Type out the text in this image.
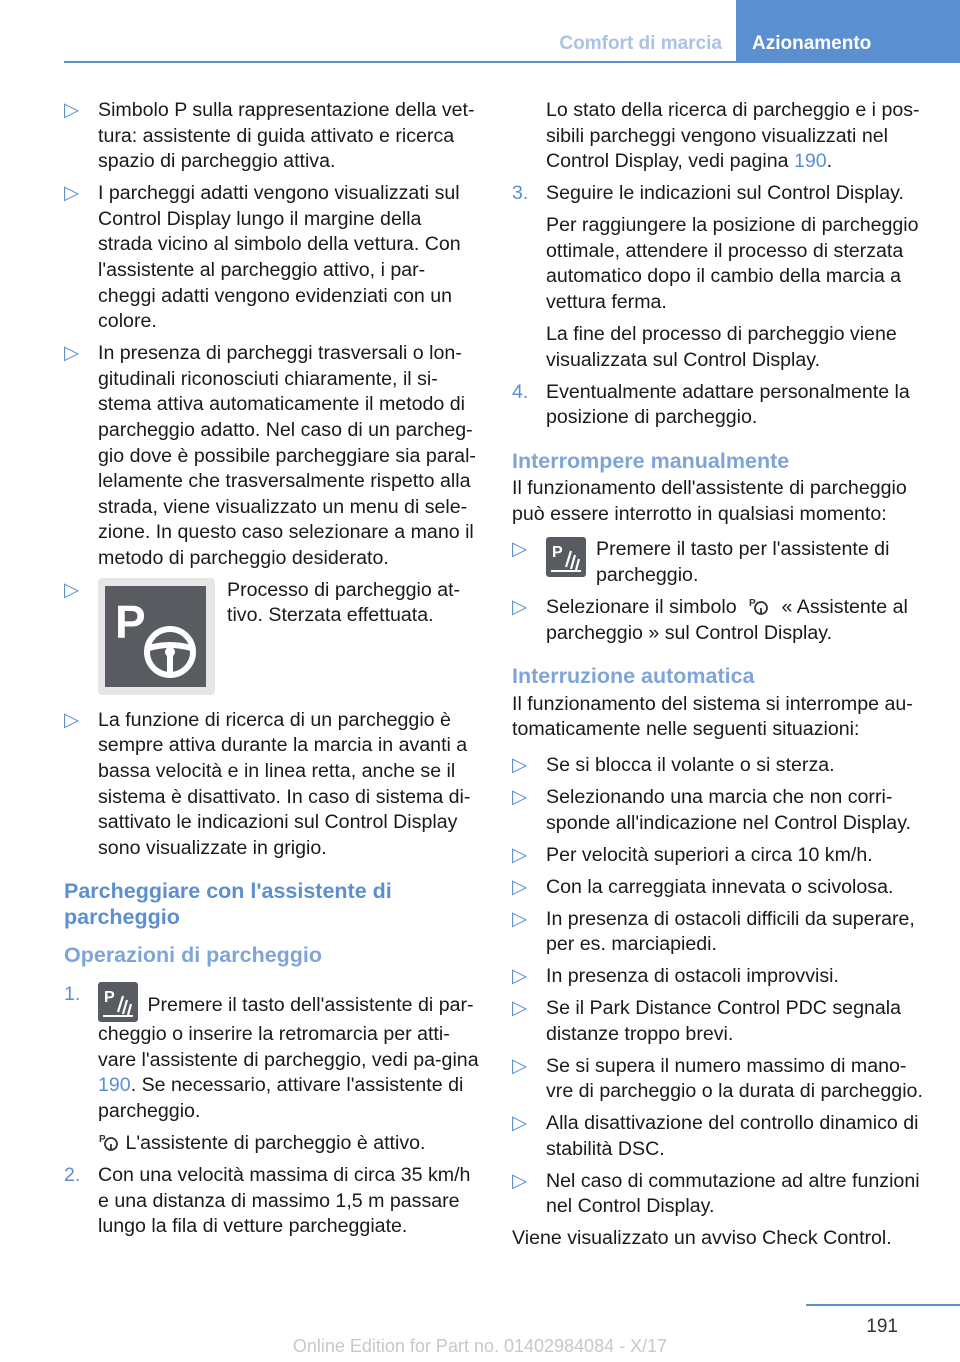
Comfort di marcia	Azionamento
▷ Simbolo P sulla rappresentazione della vet-tura: assistente di guida attivato e ricerca spazio di parcheggio attiva.
▷ I parcheggi adatti vengono visualizzati sul Control Display lungo il margine della strada vicino al simbolo della vettura. Con l'assistente al parcheggio attivo, i par-cheggi adatti vengono evidenziati con un colore.
▷ In presenza di parcheggi trasversali o lon-gitudinali riconosciuti chiaramente, il si-stema attiva automaticamente il metodo di parcheggio adatto. Nel caso di un parcheg-gio dove è possibile parcheggiare sia paral-lelamente che trasversalmente rispetto alla strada, viene visualizzato un menu di sele-zione. In questo caso selezionare a mano il metodo di parcheggio desiderato.
▷
P
Processo di parcheggio at-tivo. Sterzata effettuata.
▷ La funzione di ricerca di un parcheggio è sempre attiva durante la marcia in avanti a bassa velocità e in linea retta, anche se il sistema è disattivato. In caso di sistema di-sattivato le indicazioni sul Control Display sono visualizzate in grigio.
Parcheggiare con l'assistente di parcheggio
Operazioni di parcheggio
1. P Premere il tasto dell'assistente di par-cheggio o inserire la retromarcia per atti-vare l'assistente di parcheggio, vedi pa-gina 190. Se necessario, attivare l'assistente di parcheggio.
P L'assistente di parcheggio è attivo.
2. Con una velocità massima di circa 35 km/h e una distanza di massimo 1,5 m passare lungo la fila di vetture parcheggiate.
Lo stato della ricerca di parcheggio e i pos-sibili parcheggi vengono visualizzati nel Control Display, vedi pagina 190.
3. Seguire le indicazioni sul Control Display.
Per raggiungere la posizione di parcheggio ottimale, attendere il processo di sterzata automatico dopo il cambio della marcia a vettura ferma.
La fine del processo di parcheggio viene visualizzata sul Control Display.
4. Eventualmente adattare personalmente la posizione di parcheggio.
Interrompere manualmente
Il funzionamento dell'assistente di parcheggio può essere interrotto in qualsiasi momento:
▷ P Premere il tasto per l'assistente di parcheggio.
▷ Selezionare il simbolo P « Assistente al parcheggio » sul Control Display.
Interruzione automatica
Il funzionamento del sistema si interrompe au-tomaticamente nelle seguenti situazioni:
▷ Se si blocca il volante o si sterza.
▷ Selezionando una marcia che non corri-sponde all'indicazione nel Control Display.
▷ Per velocità superiori a circa 10 km/h.
▷ Con la carreggiata innevata o scivolosa.
▷ In presenza di ostacoli difficili da superare, per es. marciapiedi.
▷ In presenza di ostacoli improvvisi.
▷ Se il Park Distance Control PDC segnala distanze troppo brevi.
▷ Se si supera il numero massimo di mano-vre di parcheggio o la durata di parcheggio.
▷ Alla disattivazione del controllo dinamico di stabilità DSC.
▷ Nel caso di commutazione ad altre funzioni nel Control Display.
Viene visualizzato un avviso Check Control.
191
Online Edition for Part no. 01402984084 - X/17
